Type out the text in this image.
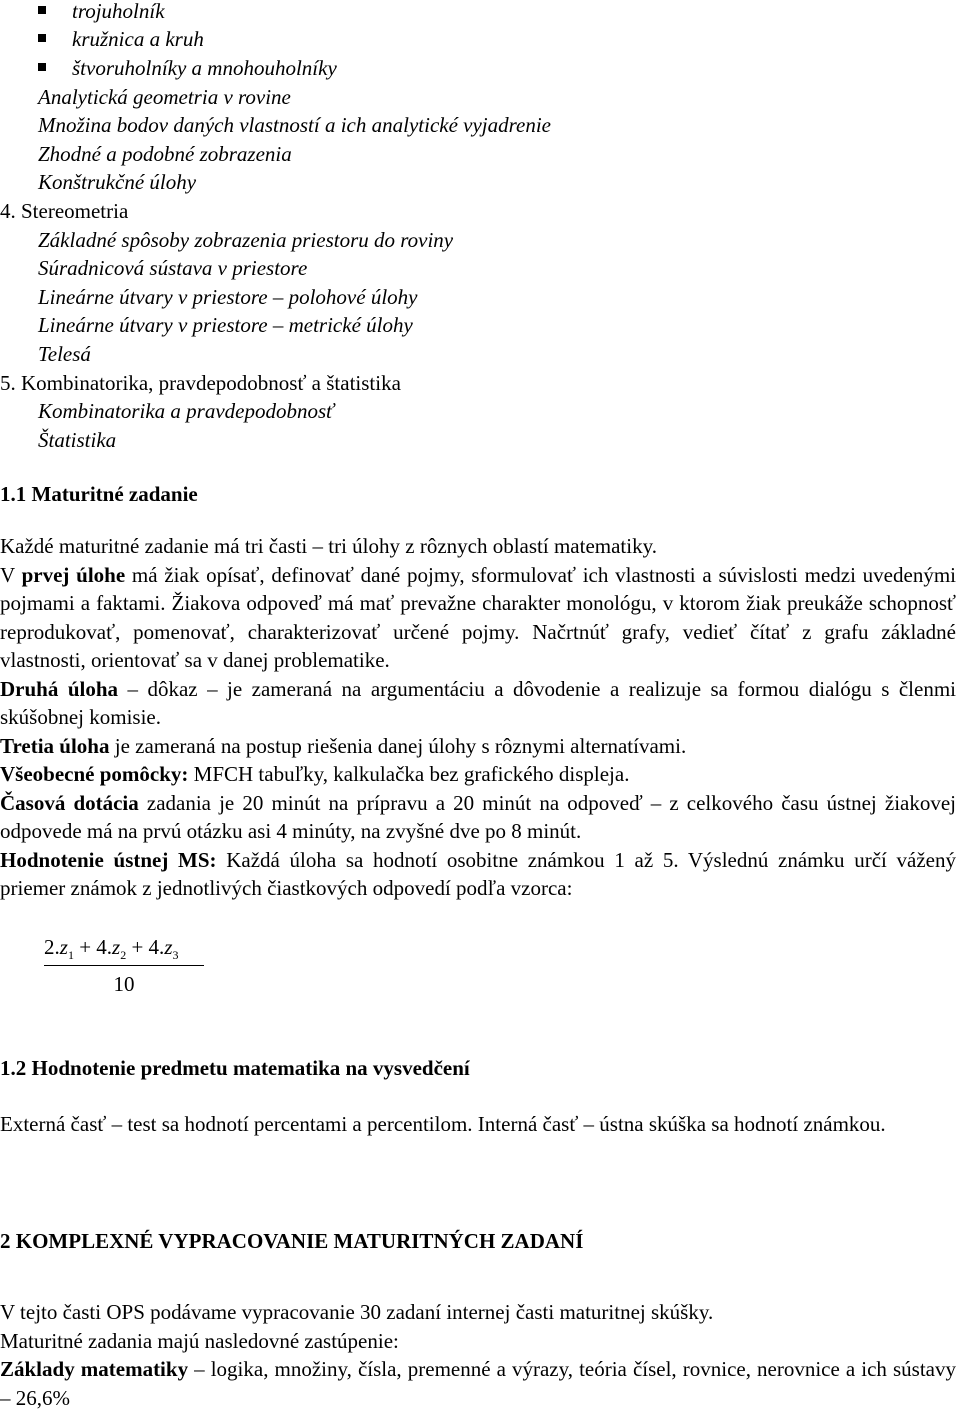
trojuholník
kružnica a kruh
štvoruholníky a mnohouholníky
Analytická geometria v rovine
Množina bodov daných vlastností a ich analytické vyjadrenie
Zhodné a podobné zobrazenia
Konštrukčné úlohy
4. Stereometria
Základné spôsoby zobrazenia priestoru do roviny
Súradnicová sústava v priestore
Lineárne útvary v priestore – polohové úlohy
Lineárne útvary v priestore – metrické úlohy
Telesá
5. Kombinatorika, pravdepodobnosť a štatistika
Kombinatorika a pravdepodobnosť
Štatistika
1.1 Maturitné zadanie

Každé maturitné zadanie má tri časti – tri úlohy z rôznych oblastí matematiky.

V prvej úlohe má žiak opísať, definovať dané pojmy, sformulovať ich vlastnosti a súvislosti medzi uvedenými pojmami a faktami. Žiakova odpoveď má mať prevažne charakter monológu, v ktorom žiak preukáže schopnosť reprodukovať, pomenovať, charakterizovať určené pojmy. Načrtnúť grafy, vedieť čítať z grafu základné vlastnosti, orientovať sa v danej problematike.

Druhá úloha – dôkaz – je zameraná na argumentáciu a dôvodenie a realizuje sa formou dialógu s členmi skúšobnej komisie.

Tretia úloha je zameraná na postup riešenia danej úlohy s rôznymi alternatívami.

Všeobecné pomôcky: MFCH tabuľky, kalkulačka bez grafického displeja.

Časová dotácia zadania je 20 minút na prípravu a 20 minút na odpoveď – z celkového času ústnej žiakovej odpovede má na prvú otázku asi 4 minúty, na zvyšné dve po 8 minút.

Hodnotenie ústnej MS: Každá úloha sa hodnotí osobitne známkou 1 až 5. Výslednú známku určí vážený priemer známok z jednotlivých čiastkových odpovedí podľa vzorca:

$\frac{2.z_1 + 4.z_2 + 4.z_3}{10}$
1.2 Hodnotenie predmetu matematika na vysvedčení

Externá časť – test sa hodnotí percentami a percentilom. Interná časť – ústna skúška sa hodnotí známkou.

2 KOMPLEXNÉ VYPRACOVANIE MATURITNÝCH ZADANÍ

V tejto časti OPS podávame vypracovanie 30 zadaní internej časti maturitnej skúšky.

Maturitné zadania majú nasledovné zastúpenie:

Základy matematiky – logika, množiny, čísla, premenné a výrazy, teória čísel, rovnice, nerovnice a ich sústavy – 26,6%
